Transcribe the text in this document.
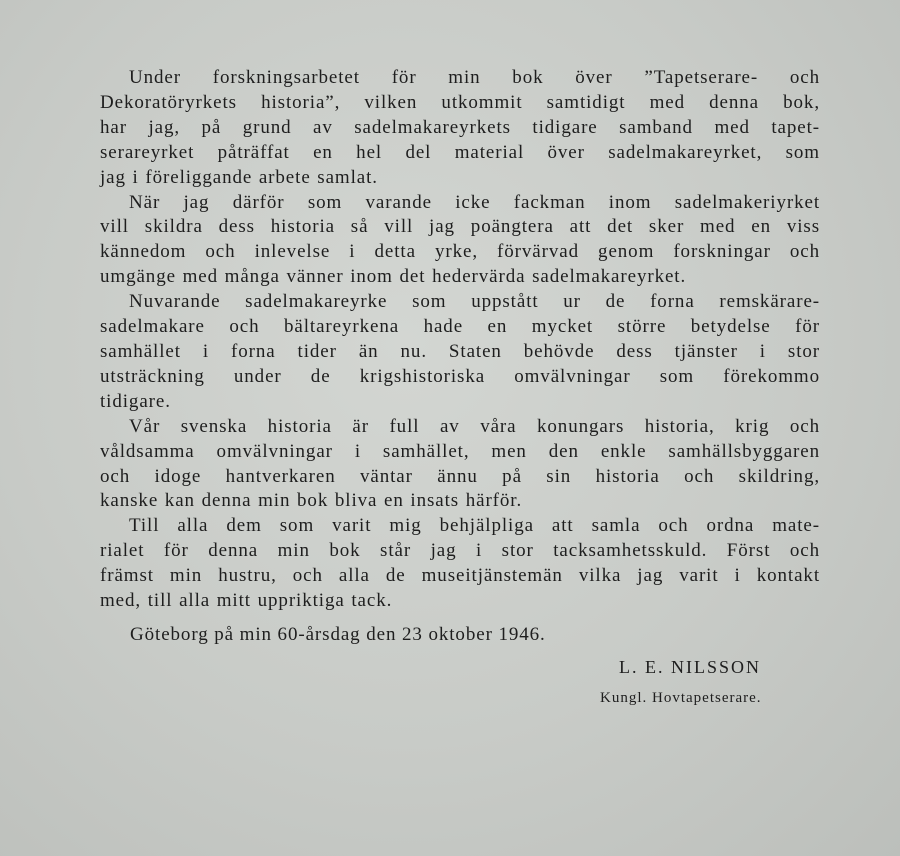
Under forskningsarbetet för min bok över ”Tapetserare- och
Dekoratöryrkets historia”, vilken utkommit samtidigt med denna bok,
har jag, på grund av sadelmakareyrkets tidigare samband med tapet-
serareyrket påträffat en hel del material över sadelmakareyrket, som
jag i föreliggande arbete samlat.
När jag därför som varande icke fackman inom sadelmakeriyrket
vill skildra dess historia så vill jag poängtera att det sker med en viss
kännedom och inlevelse i detta yrke, förvärvad genom forskningar och
umgänge med många vänner inom det hedervärda sadelmakareyrket.
Nuvarande sadelmakareyrke som uppstått ur de forna remskärare-
sadelmakare och bältareyrkena hade en mycket större betydelse för
samhället i forna tider än nu. Staten behövde dess tjänster i stor
utsträckning under de krigshistoriska omvälvningar som förekommo
tidigare.
Vår svenska historia är full av våra konungars historia, krig och
våldsamma omvälvningar i samhället, men den enkle samhällsbyggaren
och idoge hantverkaren väntar ännu på sin historia och skildring,
kanske kan denna min bok bliva en insats härför.
Till alla dem som varit mig behjälpliga att samla och ordna mate-
rialet för denna min bok står jag i stor tacksamhetsskuld. Först och
främst min hustru, och alla de museitjänstemän vilka jag varit i kontakt
med, till alla mitt uppriktiga tack.
Göteborg på min 60-årsdag den 23 oktober 1946.
L. E. NILSSON
Kungl. Hovtapetserare.
